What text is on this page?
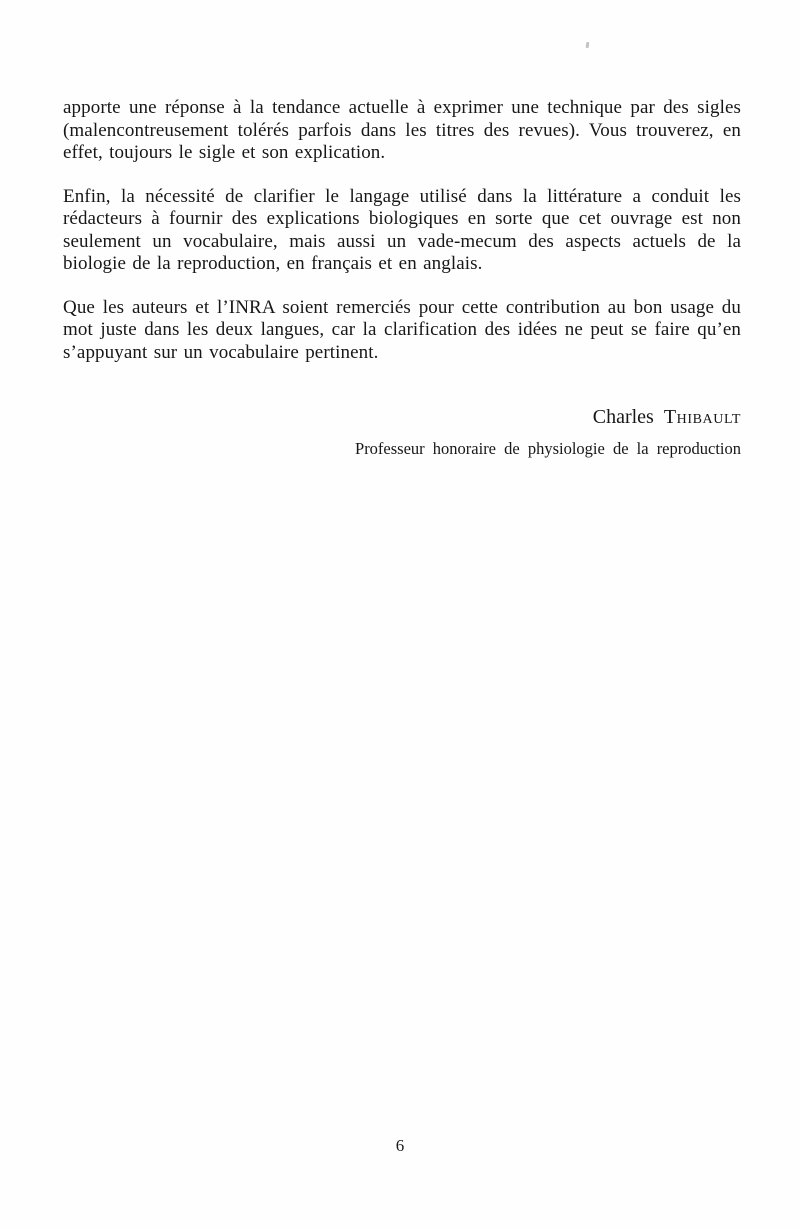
apporte une réponse à la tendance actuelle à exprimer une technique par des sigles (malencontreusement tolérés parfois dans les titres des revues). Vous trouverez, en effet, toujours le sigle et son explication.

Enfin, la nécessité de clarifier le langage utilisé dans la littérature a conduit les rédacteurs à fournir des explications biologiques en sorte que cet ouvrage est non seulement un vocabulaire, mais aussi un vade-mecum des aspects actuels de la biologie de la reproduction, en français et en anglais.

Que les auteurs et l’INRA soient remerciés pour cette contribution au bon usage du mot juste dans les deux langues, car la clarification des idées ne peut se faire qu’en s’appuyant sur un vocabulaire pertinent.

Charles Thibault
Professeur honoraire de physiologie de la reproduction
6
